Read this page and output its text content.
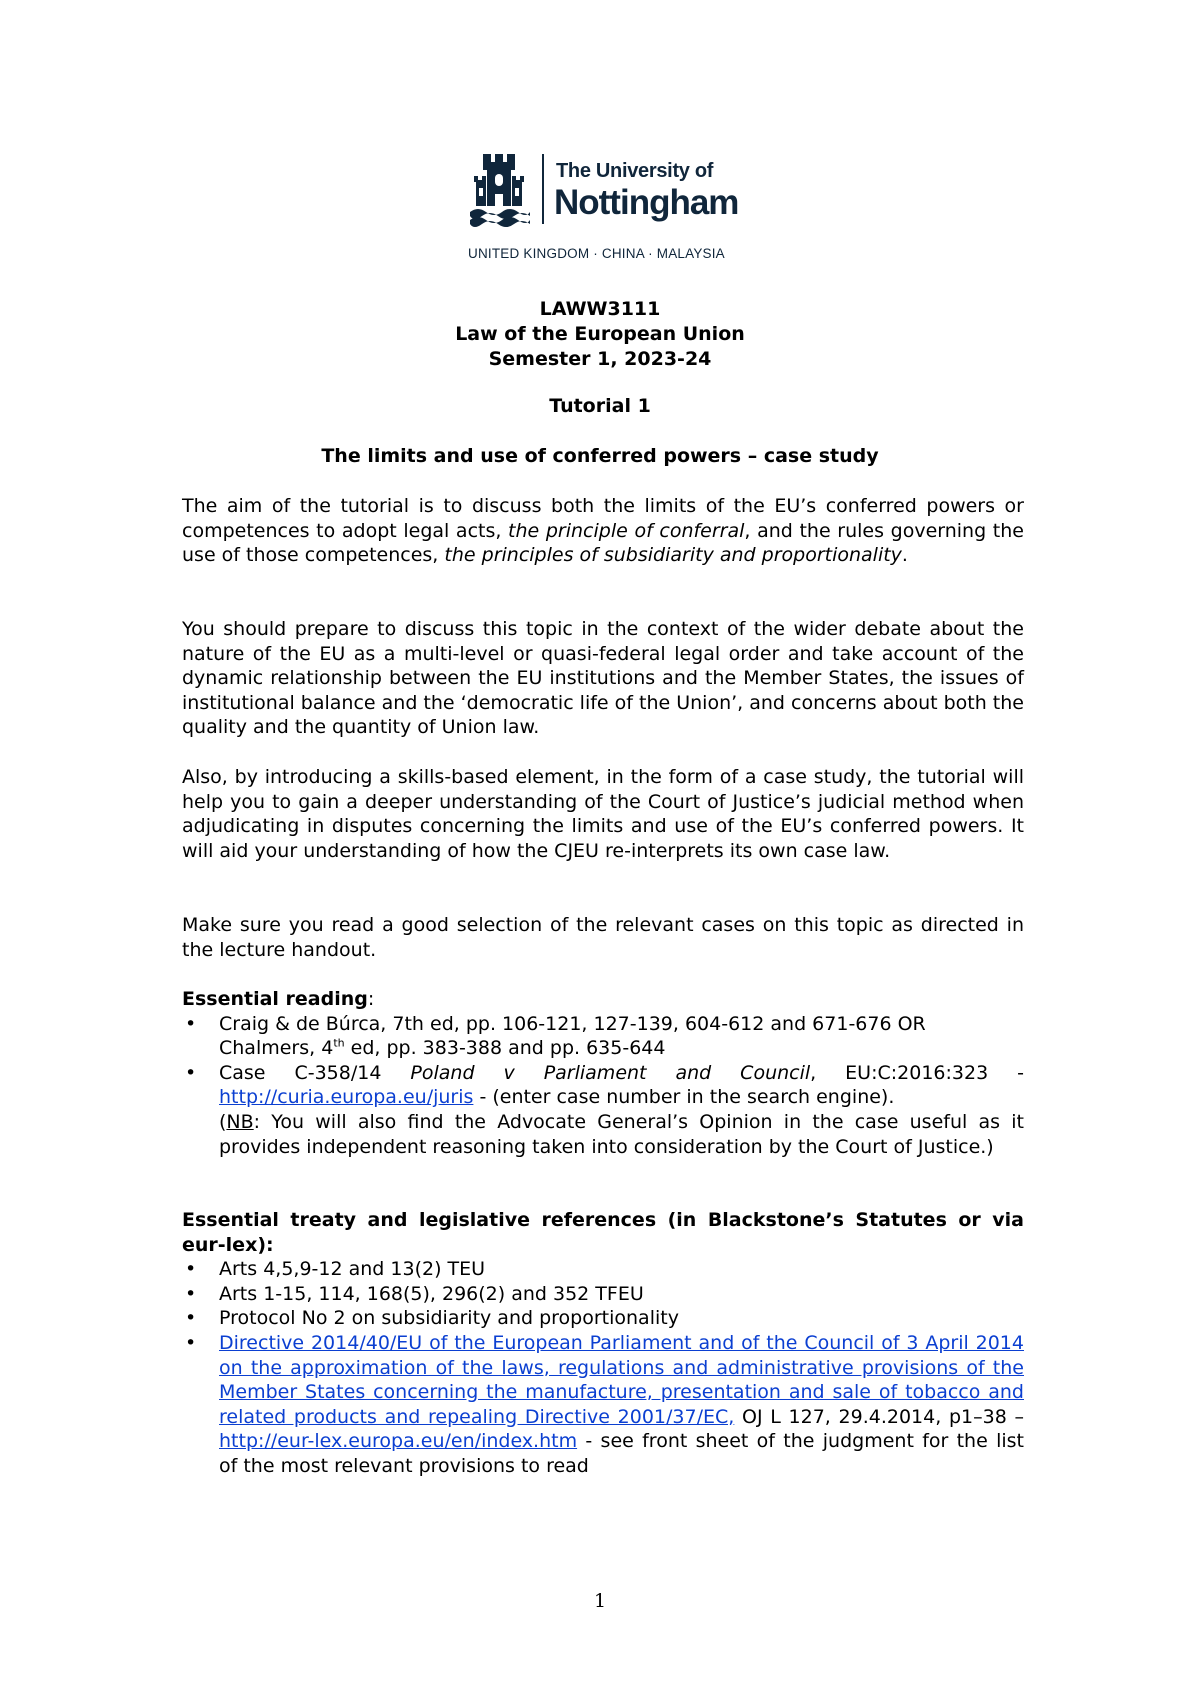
The University of
Nottingham
UNITED KINGDOM · CHINA · MALAYSIA
LAWW3111
Law of the European Union
Semester 1, 2023-24
Tutorial 1
The limits and use of conferred powers – case study

The aim of the tutorial is to discuss both the limits of the EU’s conferred powers or competences to adopt legal acts, the principle of conferral, and the rules governing the use of those competences, the principles of subsidiarity and proportionality.

You should prepare to discuss this topic in the context of the wider debate about the nature of the EU as a multi-level or quasi-federal legal order and take account of the dynamic relationship between the EU institutions and the Member States, the issues of institutional balance and the ‘democratic life of the Union’, and concerns about both the quality and the quantity of Union law.

Also, by introducing a skills-based element, in the form of a case study, the tutorial will help you to gain a deeper understanding of the Court of Justice’s judicial method when adjudicating in disputes concerning the limits and use of the EU’s conferred powers. It will aid your understanding of how the CJEU re-interprets its own case law.

Make sure you read a good selection of the relevant cases on this topic as directed in the lecture handout.

Essential reading:

• Craig & de Búrca, 7th ed, pp. 106-121, 127-139, 604-612 and 671-676 OR
Chalmers, 4th ed, pp. 383-388 and pp. 635-644
• Case C-358/14 Poland v Parliament and Council, EU:C:2016:323 -
http://curia.europa.eu/juris - (enter case number in the search engine).
(NB: You will also find the Advocate General’s Opinion in the case useful as it provides independent reasoning taken into consideration by the Court of Justice.)

Essential treaty and legislative references (in Blackstone’s Statutes or via eur-lex):

• Arts 4,5,9-12 and 13(2) TEU
• Arts 1-15, 114, 168(5), 296(2) and 352 TFEU
• Protocol No 2 on subsidiarity and proportionality
• Directive 2014/40/EU of the European Parliament and of the Council of 3 April 2014 on the approximation of the laws, regulations and administrative provisions of the Member States concerning the manufacture, presentation and sale of tobacco and related products and repealing Directive 2001/37/EC, OJ L 127, 29.4.2014, p1–38 – http://eur-lex.europa.eu/en/index.htm - see front sheet of the judgment for the list of the most relevant provisions to read
1
